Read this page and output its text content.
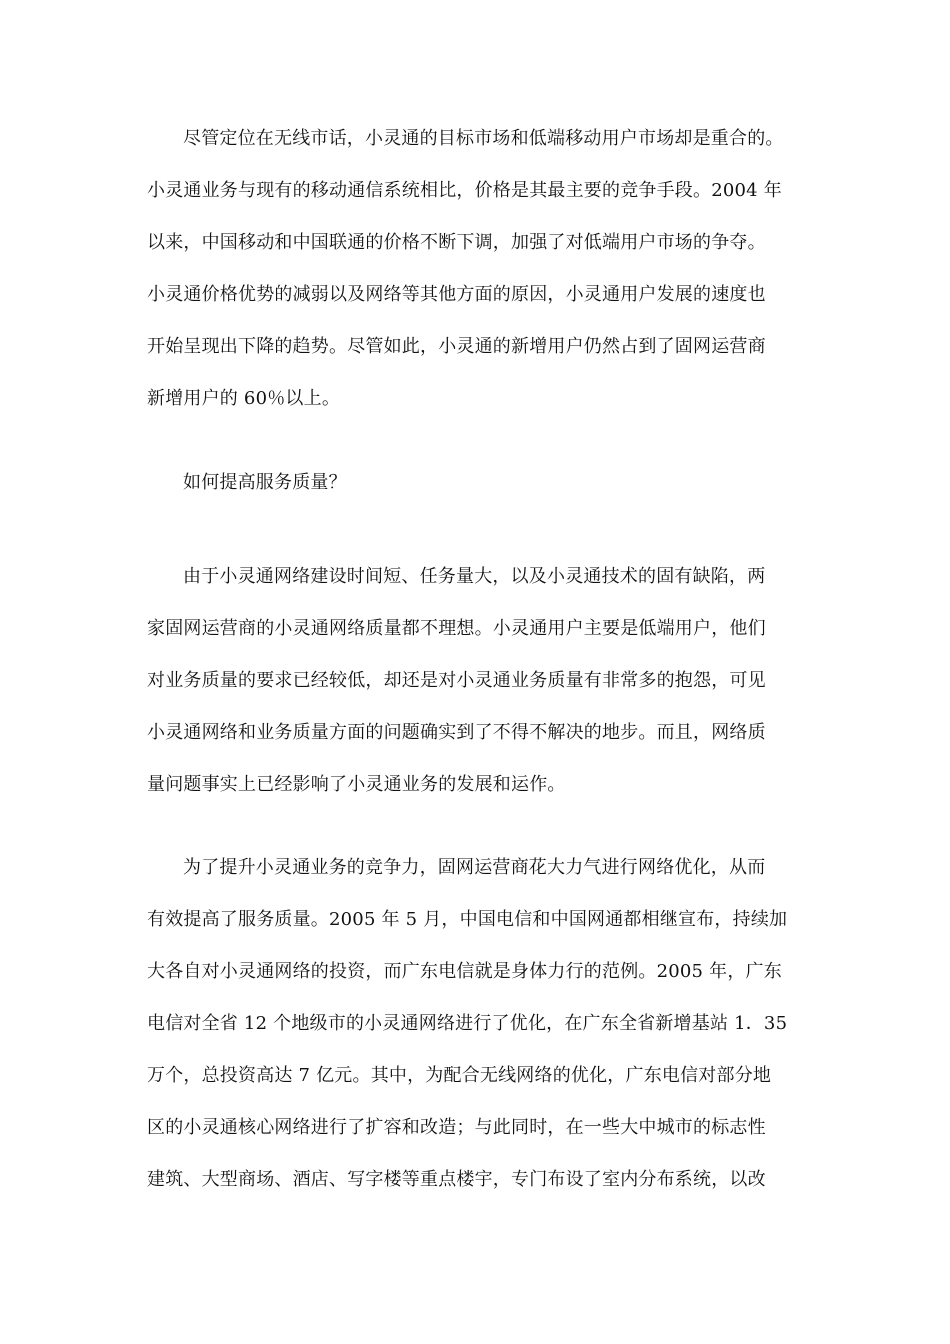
尽管定位在无线市话，小灵通的目标市场和低端移动用户市场却是重合的。
小灵通业务与现有的移动通信系统相比，价格是其最主要的竞争手段。2004 年
以来，中国移动和中国联通的价格不断下调，加强了对低端用户市场的争夺。
小灵通价格优势的减弱以及网络等其他方面的原因，小灵通用户发展的速度也
开始呈现出下降的趋势。尽管如此，小灵通的新增用户仍然占到了固网运营商
新增用户的 60％以上。
如何提高服务质量？
由于小灵通网络建设时间短、任务量大，以及小灵通技术的固有缺陷，两
家固网运营商的小灵通网络质量都不理想。小灵通用户主要是低端用户，他们
对业务质量的要求已经较低，却还是对小灵通业务质量有非常多的抱怨，可见
小灵通网络和业务质量方面的问题确实到了不得不解决的地步。而且，网络质
量问题事实上已经影响了小灵通业务的发展和运作。
为了提升小灵通业务的竞争力，固网运营商花大力气进行网络优化，从而
有效提高了服务质量。2005 年 5 月，中国电信和中国网通都相继宣布，持续加
大各自对小灵通网络的投资，而广东电信就是身体力行的范例。2005 年，广东
电信对全省 12 个地级市的小灵通网络进行了优化，在广东全省新增基站 1．35
万个，总投资高达 7 亿元。其中，为配合无线网络的优化，广东电信对部分地
区的小灵通核心网络进行了扩容和改造；与此同时，在一些大中城市的标志性
建筑、大型商场、酒店、写字楼等重点楼宇，专门布设了室内分布系统，以改
